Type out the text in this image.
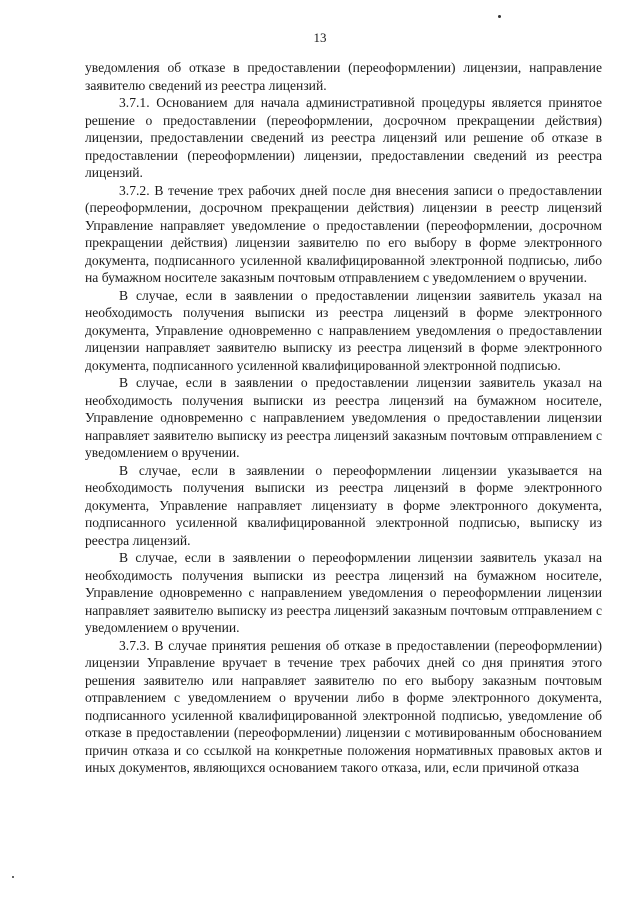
13

уведомления об отказе в предоставлении (переоформлении) лицензии, направление заявителю сведений из реестра лицензий.

3.7.1. Основанием для начала административной процедуры является принятое решение о предоставлении (переоформлении, досрочном прекращении действия) лицензии, предоставлении сведений из реестра лицензий или решение об отказе в предоставлении (переоформлении) лицензии, предоставлении сведений из реестра лицензий.

3.7.2. В течение трех рабочих дней после дня внесения записи о предоставлении (переоформлении, досрочном прекращении действия) лицензии в реестр лицензий Управление направляет уведомление о предоставлении (переоформлении, досрочном прекращении действия) лицензии заявителю по его выбору в форме электронного документа, подписанного усиленной квалифицированной электронной подписью, либо на бумажном носителе заказным почтовым отправлением с уведомлением о вручении.

В случае, если в заявлении о предоставлении лицензии заявитель указал на необходимость получения выписки из реестра лицензий в форме электронного документа, Управление одновременно с направлением уведомления о предоставлении лицензии направляет заявителю выписку из реестра лицензий в форме электронного документа, подписанного усиленной квалифицированной электронной подписью.

В случае, если в заявлении о предоставлении лицензии заявитель указал на необходимость получения выписки из реестра лицензий на бумажном носителе, Управление одновременно с направлением уведомления о предоставлении лицензии направляет заявителю выписку из реестра лицензий заказным почтовым отправлением с уведомлением о вручении.

В случае, если в заявлении о переоформлении лицензии указывается на необходимость получения выписки из реестра лицензий в форме электронного документа, Управление направляет лицензиату в форме электронного документа, подписанного усиленной квалифицированной электронной подписью, выписку из реестра лицензий.

В случае, если в заявлении о переоформлении лицензии заявитель указал на необходимость получения выписки из реестра лицензий на бумажном носителе, Управление одновременно с направлением уведомления о переоформлении лицензии направляет заявителю выписку из реестра лицензий заказным почтовым отправлением с уведомлением о вручении.

3.7.3. В случае принятия решения об отказе в предоставлении (переоформлении) лицензии Управление вручает в течение трех рабочих дней со дня принятия этого решения заявителю или направляет заявителю по его выбору заказным почтовым отправлением с уведомлением о вручении либо в форме электронного документа, подписанного усиленной квалифицированной электронной подписью, уведомление об отказе в предоставлении (переоформлении) лицензии с мотивированным обоснованием причин отказа и со ссылкой на конкретные положения нормативных правовых актов и иных документов, являющихся основанием такого отказа, или, если причиной отказа
